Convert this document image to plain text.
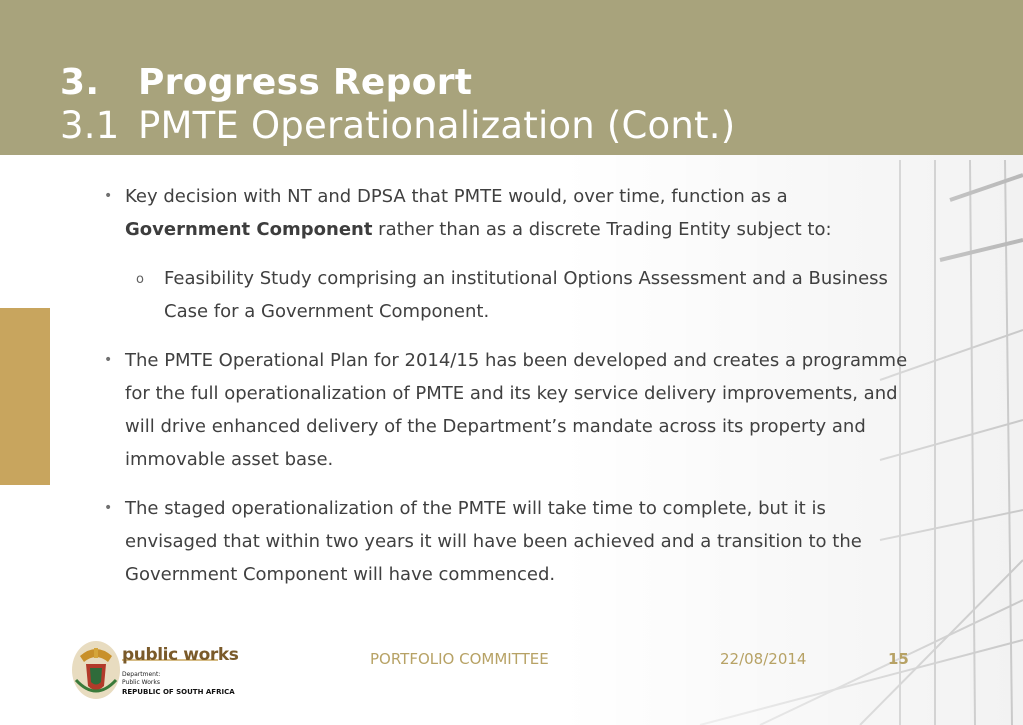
3. Progress Report
3.1 PMTE Operationalization (Cont.)
• Key decision with NT and DPSA that PMTE would, over time, function as a Government Component rather than as a discrete Trading Entity subject to:
o Feasibility Study comprising an institutional Options Assessment and a Business Case for a Government Component.
• The PMTE Operational Plan for 2014/15 has been developed and creates a programme for the full operationalization of PMTE and its key service delivery improvements, and will drive enhanced delivery of the Department’s mandate across its property and immovable asset base.
• The staged operationalization of the PMTE will take time to complete, but it is envisaged that within two years it will have been achieved and a transition to the Government Component will have commenced.
public works
Department:
Public Works
REPUBLIC OF SOUTH AFRICA
PORTFOLIO COMMITTEE	22/08/2014	15
